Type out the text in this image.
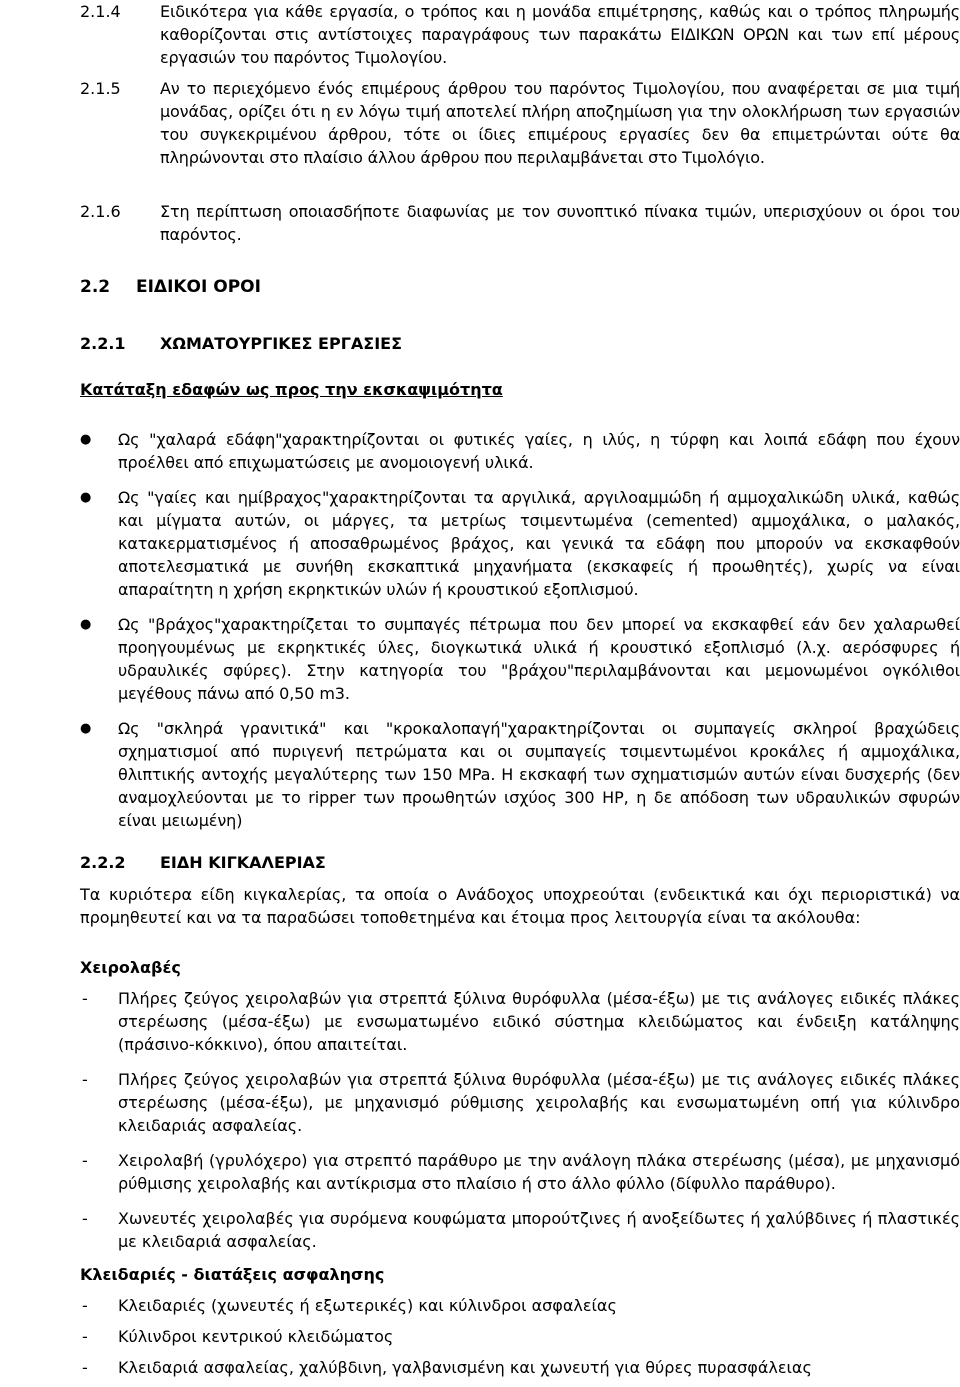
2.1.4	Ειδικότερα για κάθε εργασία, ο τρόπος και η μονάδα επιμέτρησης, καθώς και ο τρόπος πληρωμής καθορίζονται στις αντίστοιχες παραγράφους των παρακάτω ΕΙΔΙΚΩΝ ΟΡΩΝ και των επί μέρους εργασιών του παρόντος Τιμολογίου.
2.1.5	Αν το περιεχόμενο ένός επιμέρους άρθρου του παρόντος Τιμολογίου, που αναφέρεται σε μια τιμή μονάδας, ορίζει ότι η εν λόγω τιμή αποτελεί πλήρη αποζημίωση για την ολοκλήρωση των εργασιών του συγκεκριμένου άρθρου, τότε οι ίδιες επιμέρους εργασίες δεν θα επιμετρώνται ούτε θα πληρώνονται στο πλαίσιο άλλου άρθρου που περιλαμβάνεται στο Τιμολόγιο.
2.1.6	Στη περίπτωση οποιασδήποτε διαφωνίας με τον συνοπτικό πίνακα τιμών, υπερισχύουν οι όροι του παρόντος.
2.2 ΕΙΔΙΚΟΙ ΟΡΟΙ
2.2.1 ΧΩΜΑΤΟΥΡΓΙΚΕΣ ΕΡΓΑΣΙΕΣ
Κατάταξη εδαφών ως προς την εκσκαψιμότητα
● Ως "χαλαρά εδάφη"χαρακτηρίζονται οι φυτικές γαίες, η ιλύς, η τύρφη και λοιπά εδάφη που έχουν προέλθει από επιχωματώσεις με ανομοιογενή υλικά.
● Ως "γαίες και ημίβραχος"χαρακτηρίζονται τα αργιλικά, αργιλοαμμώδη ή αμμοχαλικώδη υλικά, καθώς και μίγματα αυτών, οι μάργες, τα μετρίως τσιμεντωμένα (cemented) αμμοχάλικα, ο μαλακός, κατακερματισμένος ή αποσαθρωμένος βράχος, και γενικά τα εδάφη που μπορούν να εκσκαφθούν αποτελεσματικά με συνήθη εκσκαπτικά μηχανήματα (εκσκαφείς ή προωθητές), χωρίς να είναι απαραίτητη η χρήση εκρηκτικών υλών ή κρουστικού εξοπλισμού.
● Ως "βράχος"χαρακτηρίζεται το συμπαγές πέτρωμα που δεν μπορεί να εκσκαφθεί εάν δεν χαλαρωθεί προηγουμένως με εκρηκτικές ύλες, διογκωτικά υλικά ή κρουστικό εξοπλισμό (λ.χ. αερόσφυρες ή υδραυλικές σφύρες). Στην κατηγορία του "βράχου"περιλαμβάνονται και μεμονωμένοι ογκόλιθοι μεγέθους πάνω από 0,50 m3.
● Ως "σκληρά γρανιτικά" και "κροκαλοπαγή"χαρακτηρίζονται οι συμπαγείς σκληροί βραχώδεις σχηματισμοί από πυριγενή πετρώματα και οι συμπαγείς τσιμεντωμένοι κροκάλες ή αμμοχάλικα, θλιπτικής αντοχής μεγαλύτερης των 150 MPa. Η εκσκαφή των σχηματισμών αυτών είναι δυσχερής (δεν αναμοχλεύονται με το ripper των προωθητών ισχύος 300 HP, η δε απόδοση των υδραυλικών σφυρών είναι μειωμένη)
2.2.2 ΕΙΔΗ ΚΙΓΚΑΛΕΡΙΑΣ
Τα κυριότερα είδη κιγκαλερίας, τα οποία ο Ανάδοχος υποχρεούται (ενδεικτικά και όχι περιοριστικά) να προμηθευτεί και να τα παραδώσει τοποθετημένα και έτοιμα προς λειτουργία είναι τα ακόλουθα:
Χειρολαβές
- Πλήρες ζεύγος χειρολαβών για στρεπτά ξύλινα θυρόφυλλα (μέσα-έξω) με τις ανάλογες ειδικές πλάκες στερέωσης (μέσα-έξω) με ενσωματωμένο ειδικό σύστημα κλειδώματος και ένδειξη κατάληψης (πράσινο-κόκκινο), όπου απαιτείται.
- Πλήρες ζεύγος χειρολαβών για στρεπτά ξύλινα θυρόφυλλα (μέσα-έξω) με τις ανάλογες ειδικές πλάκες στερέωσης (μέσα-έξω), με μηχανισμό ρύθμισης χειρολαβής και ενσωματωμένη οπή για κύλινδρο κλειδαριάς ασφαλείας.
- Χειρολαβή (γρυλόχερο) για στρεπτό παράθυρο με την ανάλογη πλάκα στερέωσης (μέσα), με μηχανισμό ρύθμισης χειρολαβής και αντίκρισμα στο πλαίσιο ή στο άλλο φύλλο (δίφυλλο παράθυρο).
- Χωνευτές χειρολαβές για συρόμενα κουφώματα μπορούτζινες ή ανοξείδωτες ή χαλύβδινες ή πλαστικές με κλειδαριά ασφαλείας.
Κλειδαριές - διατάξεις ασφαλησης
- Κλειδαριές (χωνευτές ή εξωτερικές) και κύλινδροι ασφαλείας
- Κύλινδροι κεντρικού κλειδώματος
- Κλειδαριά ασφαλείας, χαλύβδινη, γαλβανισμένη και χωνευτή για θύρες πυρασφάλειας
